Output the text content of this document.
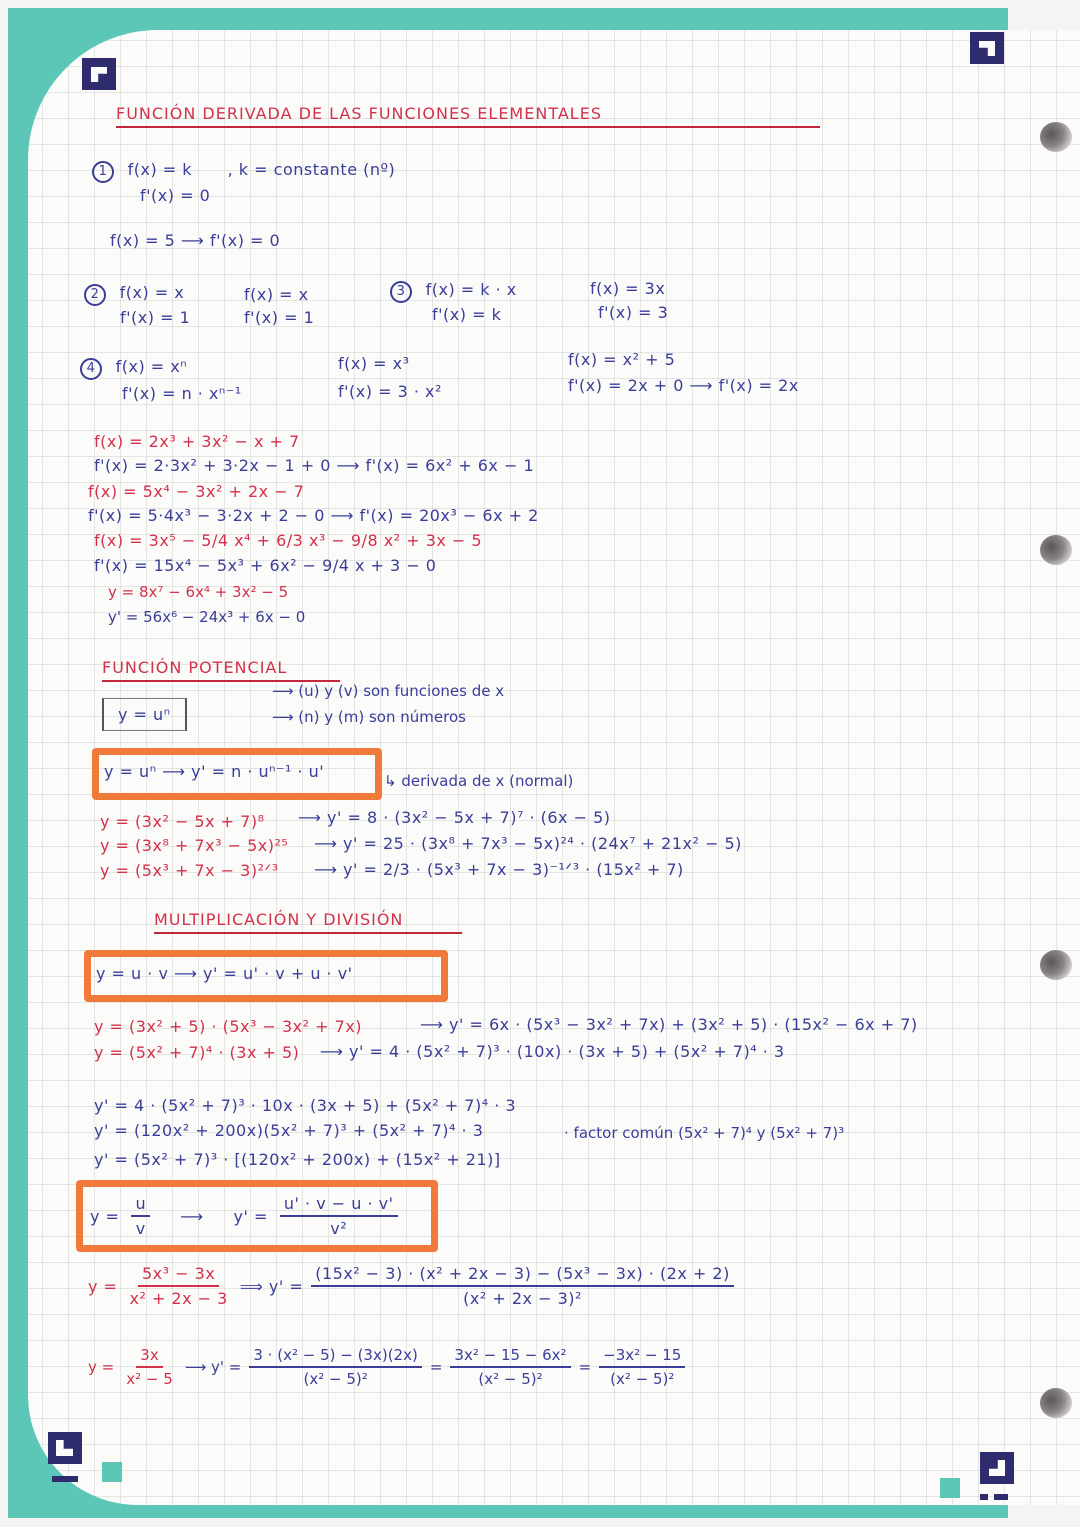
FUNCIÓN DERIVADA DE LAS FUNCIONES ELEMENTALES
1 f(x) = k , k = constante (nº)
f'(x) = 0
f(x) = 5 ⟶ f'(x) = 0
2 f(x) = x
f'(x) = 1
f(x) = x
f'(x) = 1
3 f(x) = k · x
f'(x) = k
f(x) = 3x
f'(x) = 3
4 f(x) = xⁿ
f'(x) = n · xⁿ⁻¹
f(x) = x³
f'(x) = 3 · x²
f(x) = x² + 5
f'(x) = 2x + 0 ⟶ f'(x) = 2x
f(x) = 2x³ + 3x² − x + 7
f'(x) = 2·3x² + 3·2x − 1 + 0 ⟶ f'(x) = 6x² + 6x − 1
f(x) = 5x⁴ − 3x² + 2x − 7
f'(x) = 5·4x³ − 3·2x + 2 − 0 ⟶ f'(x) = 20x³ − 6x + 2
f(x) = 3x⁵ − 5/4 x⁴ + 6/3 x³ − 9/8 x² + 3x − 5
f'(x) = 15x⁴ − 5x³ + 6x² − 9/4 x + 3 − 0
y = 8x⁷ − 6x⁴ + 3x² − 5
y' = 56x⁶ − 24x³ + 6x − 0
FUNCIÓN POTENCIAL
y = uⁿ
⟶ (u) y (v) son funciones de x
⟶ (n) y (m) son números
y = uⁿ ⟶ y' = n · uⁿ⁻¹ · u'	↳ derivada de x (normal)
y = (3x² − 5x + 7)⁸ ⟶ y' = 8 · (3x² − 5x + 7)⁷ · (6x − 5)
y = (3x⁸ + 7x³ − 5x)²⁵ ⟶ y' = 25 · (3x⁸ + 7x³ − 5x)²⁴ · (24x⁷ + 21x² − 5)
y = (5x³ + 7x − 3)²ᐟ³ ⟶ y' = 2/3 · (5x³ + 7x − 3)⁻¹ᐟ³ · (15x² + 7)
MULTIPLICACIÓN Y DIVISIÓN
y = u · v ⟶ y' = u' · v + u · v'
y = (3x² + 5) · (5x³ − 3x² + 7x)	⟶ y' = 6x · (5x³ − 3x² + 7x) + (3x² + 5) · (15x² − 6x + 7)
y = (5x² + 7)⁴ · (3x + 5) ⟶ y' = 4 · (5x² + 7)³ · (10x) · (3x + 5) + (5x² + 7)⁴ · 3
y' = 4 · (5x² + 7)³ · 10x · (3x + 5) + (5x² + 7)⁴ · 3
y' = (120x² + 200x)(5x² + 7)³ + (5x² + 7)⁴ · 3	· factor común (5x² + 7)⁴ y (5x² + 7)³
y' = (5x² + 7)³ · [(120x² + 200x) + (15x² + 21)]
$y = \frac{u}{v}$ ⟶ $y' = \frac{u' \cdot v - u \cdot v'}{\text{v²}}$
$y = \frac{\text{5x³ − 3x}}{\text{x² + 2x − 3}}$ ⟹ $y' = \frac{\text{(15x² − 3) · (x² + 2x − 3) − (5x³ − 3x) · (2x + 2)}}{\text{(x² + 2x − 3)²}}$
$y = \frac{3x}{\text{x² − 5}}$ ⟶ $y' = \frac{\text{3 · (x² − 5) − (3x)(2x)}}{\text{(x² − 5)²}} = \frac{\text{3x² − 15 − 6x²}}{\text{(x² − 5)²}} = \frac{\text{−3x² − 15}}{\text{(x² − 5)²}}$
